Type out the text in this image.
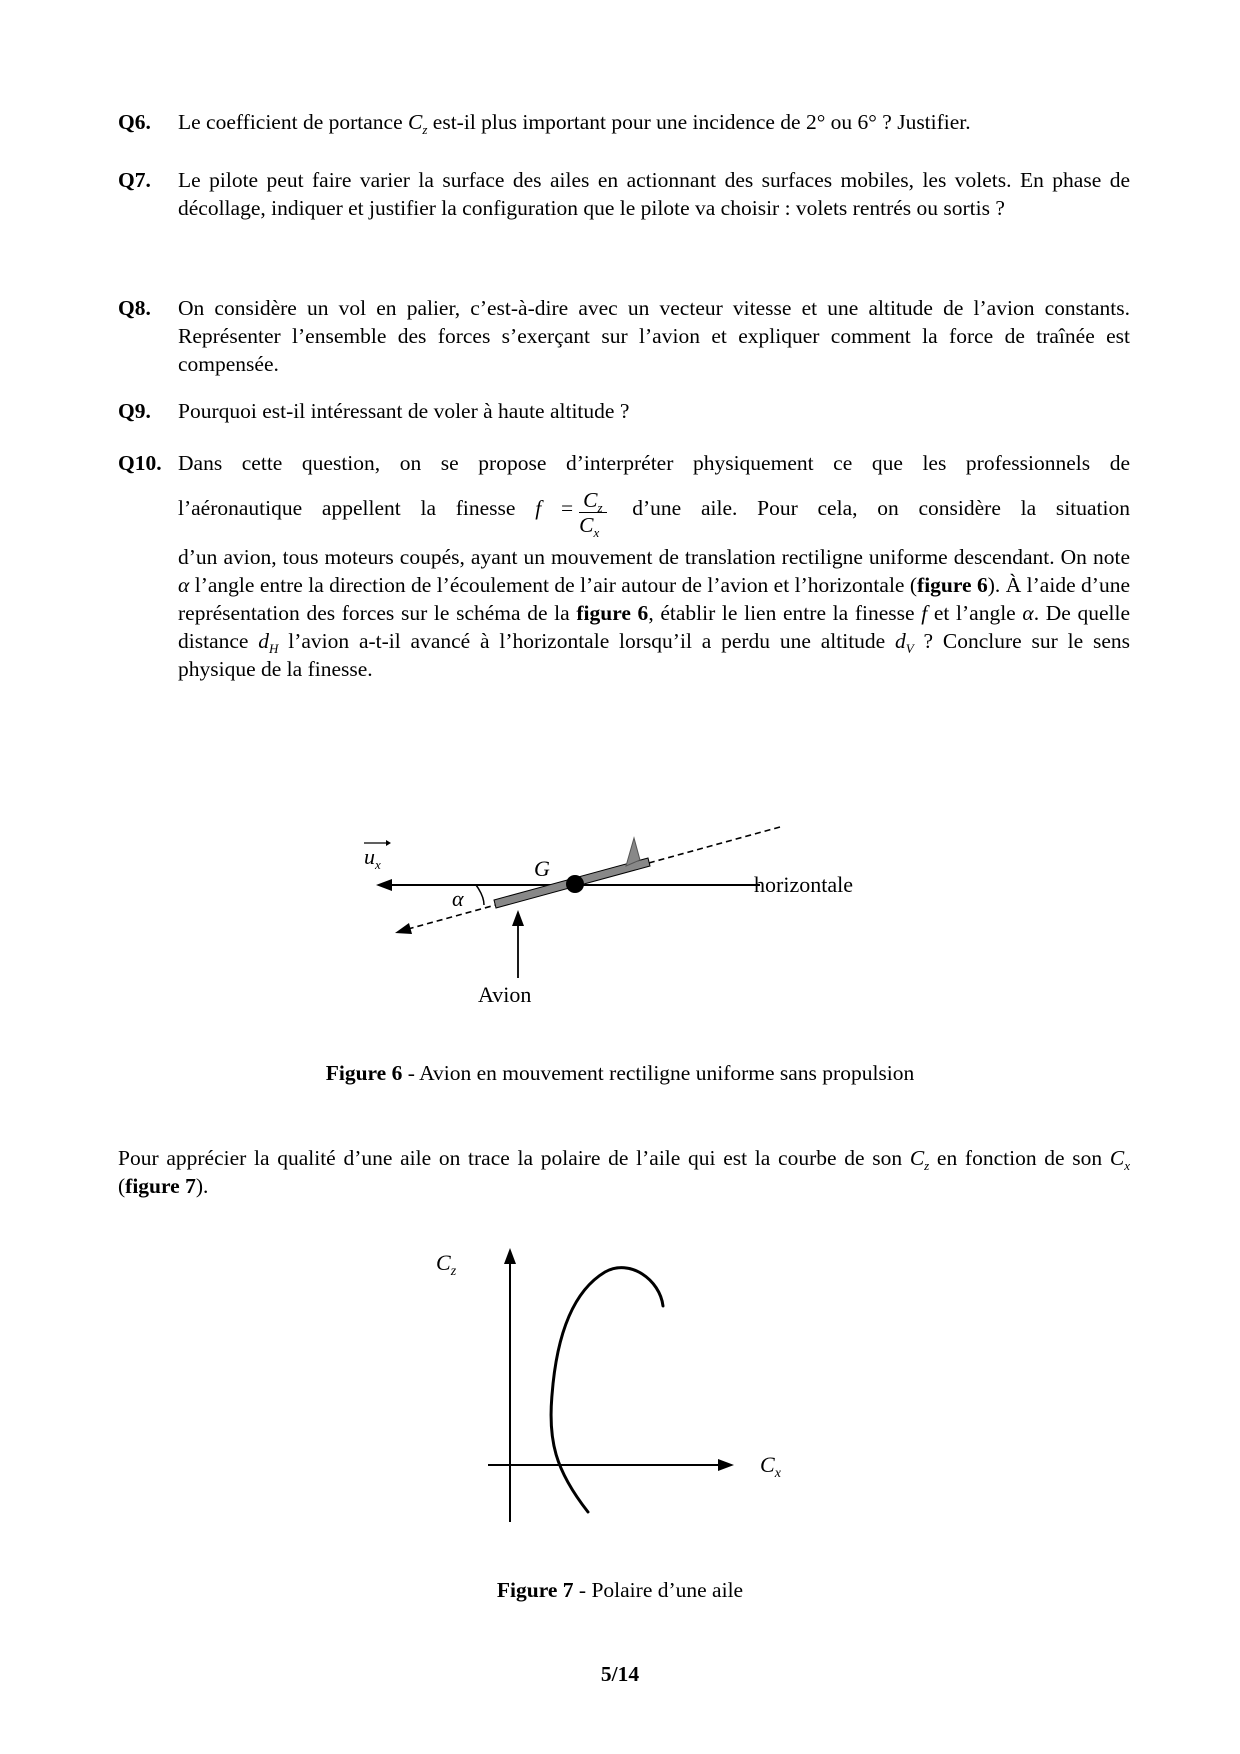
Q6. Le coefficient de portance $C_z$ est-il plus important pour une incidence de 2° ou 6° ? Justifier.
Q7. Le pilote peut faire varier la surface des ailes en actionnant des surfaces mobiles, les volets. En phase de décollage, indiquer et justifier la configuration que le pilote va choisir : volets rentrés ou sortis ?
Q8. On considère un vol en palier, c’est-à-dire avec un vecteur vitesse et une altitude de l’avion constants. Représenter l’ensemble des forces s’exerçant sur l’avion et expliquer comment la force de traînée est compensée.
Q9. Pourquoi est-il intéressant de voler à haute altitude ?
Q10. Dans cette question, on se propose d’interpréter physiquement ce que les professionnels de
l’aéronautique appellent la finesse $f = \frac{C_z}{C_x}$ d’une aile. Pour cela, on considère la situation
d’un avion, tous moteurs coupés, ayant un mouvement de translation rectiligne uniforme descendant. On note α l’angle entre la direction de l’écoulement de l’air autour de l’avion et l’horizontale (figure 6). À l’aide d’une représentation des forces sur le schéma de la figure 6, établir le lien entre la finesse f et l’angle α. De quelle distance $d_H$ l’avion a-t-il avancé à l’horizontale lorsqu’il a perdu une altitude $d_V$ ? Conclure sur le sens physique de la finesse.
$u_x$	G
α
horizontale
Avion
Figure 6 - Avion en mouvement rectiligne uniforme sans propulsion
Pour apprécier la qualité d’une aile on trace la polaire de l’aile qui est la courbe de son $C_z$ en fonction de son $C_x$ (figure 7).
$C_z$
$C_x$
Figure 7 - Polaire d’une aile
5/14
